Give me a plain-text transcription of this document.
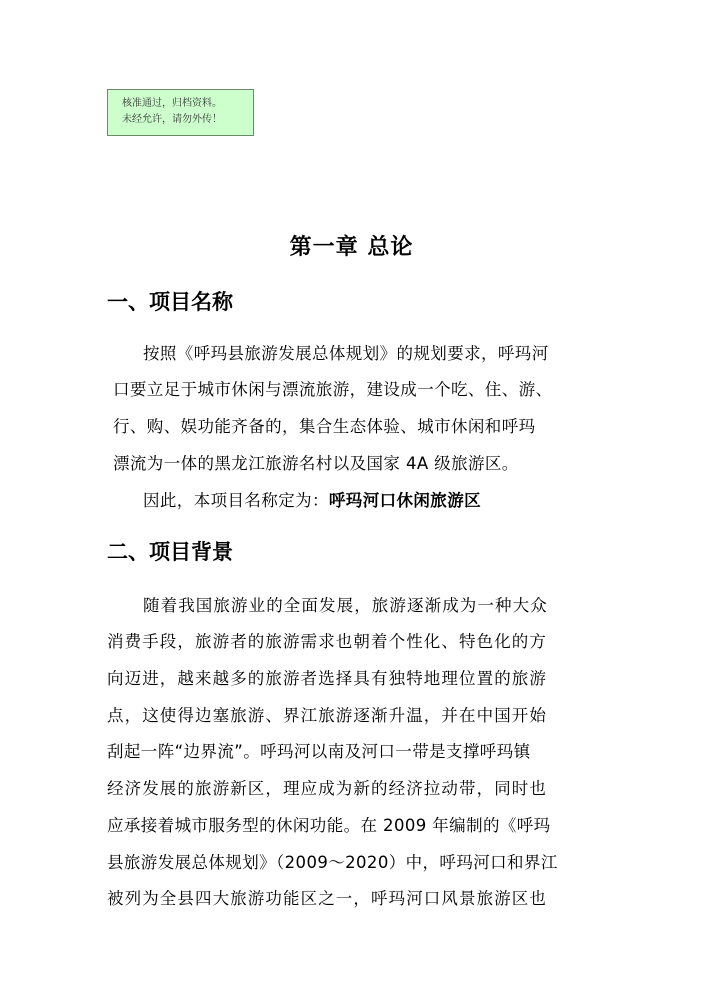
核准通过，归档资料。
未经允许，请勿外传！
第一章 总论
一、项目名称
按照《呼玛县旅游发展总体规划》的规划要求，呼玛河
口要立足于城市休闲与漂流旅游，建设成一个吃、住、游、
行、购、娱功能齐备的，集合生态体验、城市休闲和呼玛
漂流为一体的黑龙江旅游名村以及国家 4A 级旅游区。
因此，本项目名称定为：呼玛河口休闲旅游区
二、项目背景
随着我国旅游业的全面发展，旅游逐渐成为一种大众
消费手段，旅游者的旅游需求也朝着个性化、特色化的方
向迈进，越来越多的旅游者选择具有独特地理位置的旅游
点，这使得边塞旅游、界江旅游逐渐升温，并在中国开始
刮起一阵“边界流”。呼玛河以南及河口一带是支撑呼玛镇
经济发展的旅游新区，理应成为新的经济拉动带，同时也
应承接着城市服务型的休闲功能。在 2009 年编制的《呼玛
县旅游发展总体规划》（2009～2020）中，呼玛河口和界江
被列为全县四大旅游功能区之一，呼玛河口风景旅游区也
